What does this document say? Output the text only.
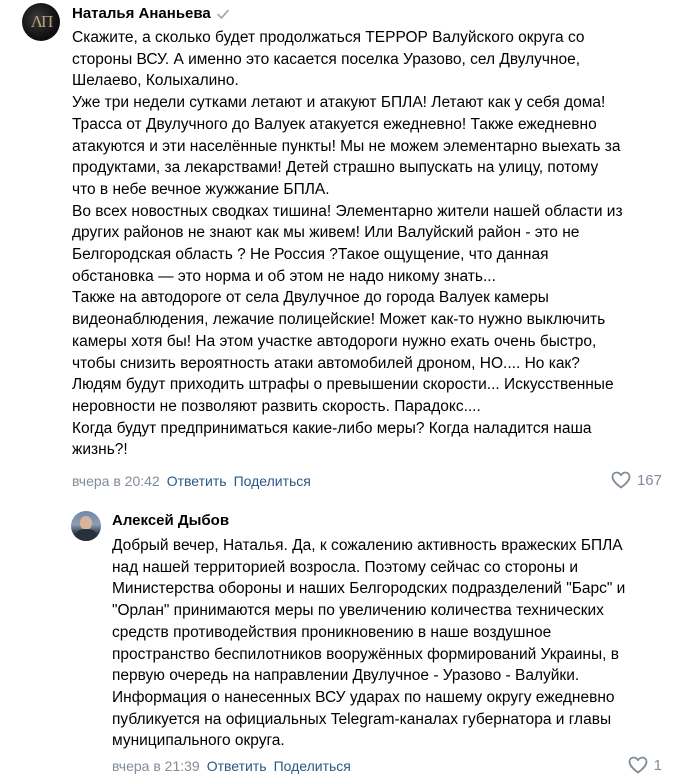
ΛΠ	Наталья Ананьева
Скажите, а сколько будет продолжаться ТЕРРОР Валуйского округа со
стороны ВСУ. А именно это касается поселка Уразово, сел Двулучное,
Шелаево, Колыхалино.
Уже три недели сутками летают и атакуют БПЛА! Летают как у себя дома!
Трасса от Двулучного до Валуек атакуется ежедневно! Также ежедневно
атакуются и эти населённые пункты! Мы не можем элементарно выехать за
продуктами, за лекарствами! Детей страшно выпускать на улицу, потому
что в небе вечное жужжание БПЛА.
Во всех новостных сводках тишина! Элементарно жители нашей области из
других районов не знают как мы живем! Или Валуйский район - это не
Белгородская область ? Не Россия ?Такое ощущение, что данная
обстановка — это норма и об этом не надо никому знать...
Также на автодороге от села Двулучное до города Валуек камеры
видеонаблюдения, лежачие полицейские! Может как-то нужно выключить
камеры хотя бы! На этом участке автодороги нужно ехать очень быстро,
чтобы снизить вероятность атаки автомобилей дроном, НО.... Но как?
Людям будут приходить штрафы о превышении скорости... Искусственные
неровности не позволяют развить скорость. Парадокс....
Когда будут предприниматься какие-либо меры? Когда наладится наша
жизнь?!
вчера в 20:42 Ответить Поделиться	167
Алексей Дыбов
Добрый вечер, Наталья. Да, к сожалению активность вражеских БПЛА
над нашей территорией возросла. Поэтому сейчас со стороны и
Министерства обороны и наших Белгородских подразделений "Барс" и
"Орлан" принимаются меры по увеличению количества технических
средств противодействия проникновению в наше воздушное
пространство беспилотников вооружённых формирований Украины, в
первую очередь на направлении Двулучное - Уразово - Валуйки.
Информация о нанесенных ВСУ ударах по нашему округу ежедневно
публикуется на официальных Telegram-каналах губернатора и главы
муниципального округа.
вчера в 21:39 Ответить Поделиться	1
